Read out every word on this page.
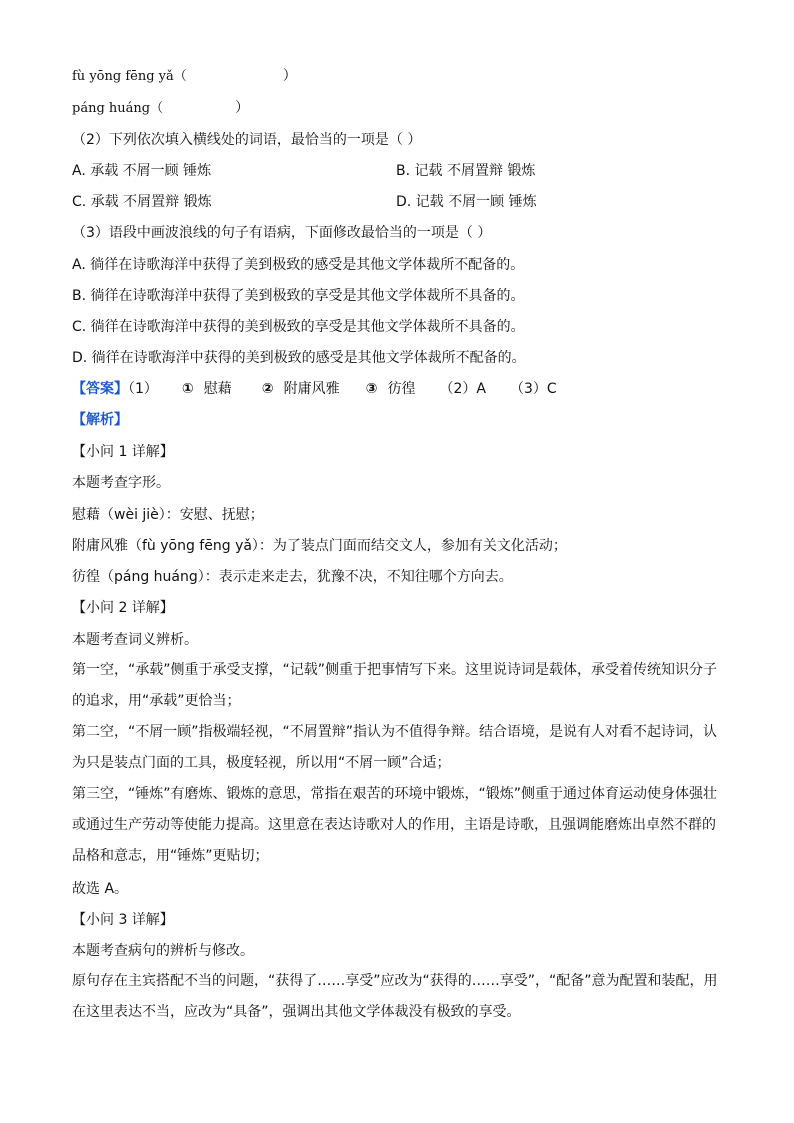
fù yōng fēng yǎ（	）
páng huáng（	）
（2）下列依次填入横线处的词语，最恰当的一项是（ ）
A. 承载 不屑一顾 锤炼	B. 记载 不屑置辩 锻炼
C. 承载 不屑置辩 锻炼	D. 记载 不屑一顾 锤炼
（3）语段中画波浪线的句子有语病，下面修改最恰当的一项是（ ）
A. 徜徉在诗歌海洋中获得了美到极致的感受是其他文学体裁所不配备的。
B. 徜徉在诗歌海洋中获得了美到极致的享受是其他文学体裁所不具备的。
C. 徜徉在诗歌海洋中获得的美到极致的享受是其他文学体裁所不具备的。
D. 徜徉在诗歌海洋中获得的美到极致的感受是其他文学体裁所不配备的。
【答案】（1） ① 慰藉 ② 附庸风雅 ③ 彷徨 （2）A （3）C
【解析】
【小问 1 详解】
本题考查字形。
慰藉（wèi jiè）：安慰、抚慰；
附庸风雅（fù yōng fēng yǎ）：为了装点门面而结交文人，参加有关文化活动；
彷徨（páng huáng）：表示走来走去，犹豫不决，不知往哪个方向去。
【小问 2 详解】
本题考查词义辨析。
第一空，“承载”侧重于承受支撑，“记载”侧重于把事情写下来。这里说诗词是载体，承受着传统知识分子的追求，用“承载”更恰当；
第二空，“不屑一顾”指极端轻视，“不屑置辩”指认为不值得争辩。结合语境，是说有人对看不起诗词，认为只是装点门面的工具，极度轻视，所以用“不屑一顾”合适；
第三空，“锤炼”有磨炼、锻炼的意思，常指在艰苦的环境中锻炼，“锻炼”侧重于通过体育运动使身体强壮或通过生产劳动等使能力提高。这里意在表达诗歌对人的作用，主语是诗歌，且强调能磨炼出卓然不群的品格和意志，用“锤炼”更贴切；
故选 A。
【小问 3 详解】
本题考查病句的辨析与修改。
原句存在主宾搭配不当的问题，“获得了……享受”应改为“获得的……享受”，“配备”意为配置和装配，用在这里表达不当，应改为“具备”，强调出其他文学体裁没有极致的享受。
